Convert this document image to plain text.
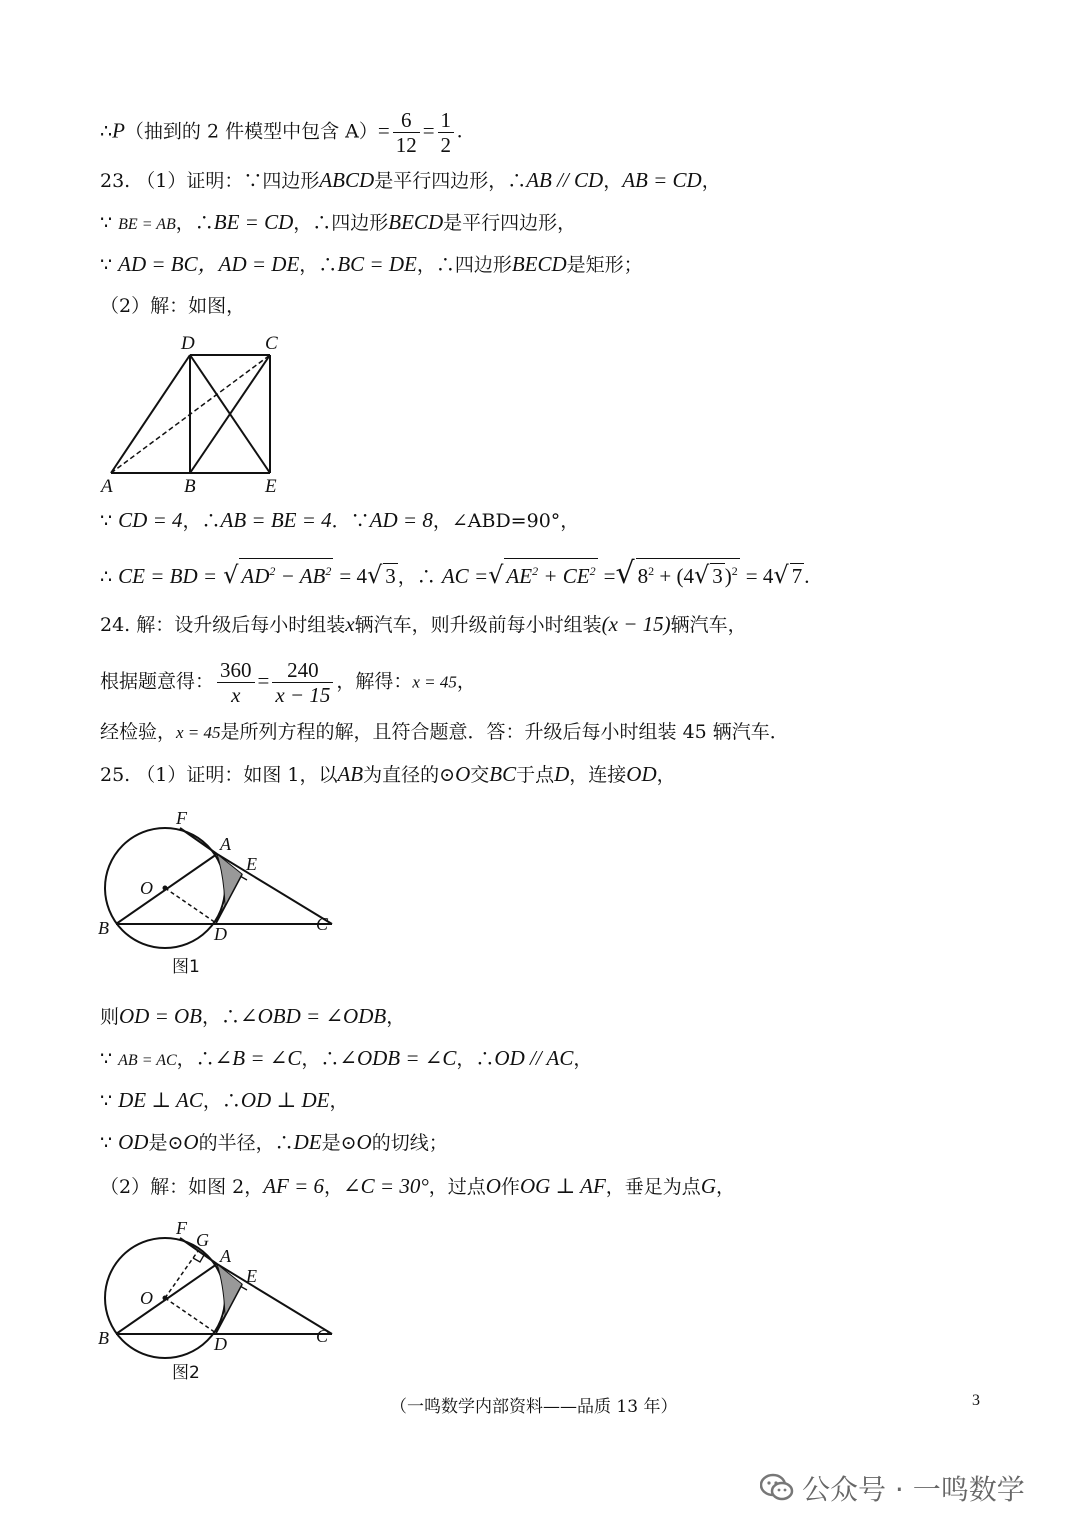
∴P（抽到的 2 件模型中包含 $A)= \frac{6}{12} = \frac{1}{2}$ .
23. （1）证明：∵四边形ABCD是平行四边形，∴AB // CD，AB = CD，
∵ BE = AB，∴BE = CD，∴四边形BECD是平行四边形，
∵ AD = BC，AD = DE，∴BC = DE，∴四边形BECD是矩形；
（2）解：如图，
D	C
A	B	E
∵ CD = 4，∴AB = BE = 4．∵AD = 8，∠ABD=90°，
∴ CE = BD = √ $AD^2 - AB^2 = 4√$ 3 ，∴ AC =√ $AE^2 + CE^2$ =√ $8^2 + (4√$ 3)$^2$ = 4√ 7.
24. 解：设升级后每小时组装x辆汽车，则升级前每小时组装(x − 15)辆汽车，
根据题意得： $\frac{360}{x} = \frac{240}{x - 15}$ ，解得：x = 45，
经检验，x = 45是所列方程的解，且符合题意．答：升级后每小时组装 45 辆汽车．
25. （1）证明：如图 1，以AB为直径的⊙O交BC于点D，连接OD，
F
A
E
O
B	D	C
图1
则OD = OB，∴∠OBD = ∠ODB，
∵ AB = AC，∴∠B = ∠C，∴∠ODB = ∠C，∴OD // AC，
∵ DE ⊥ AC，∴OD ⊥ DE，
∵ OD是⊙O的半径，∴DE是⊙O的切线；
（2）解：如图 2，AF = 6，∠C = 30°，过点O作OG ⊥ AF，垂足为点G，
F
G
A
E
O
B	D	C
图2
（一鸣数学内部资料——品质 13 年）	3
公众号 · 一鸣数学
